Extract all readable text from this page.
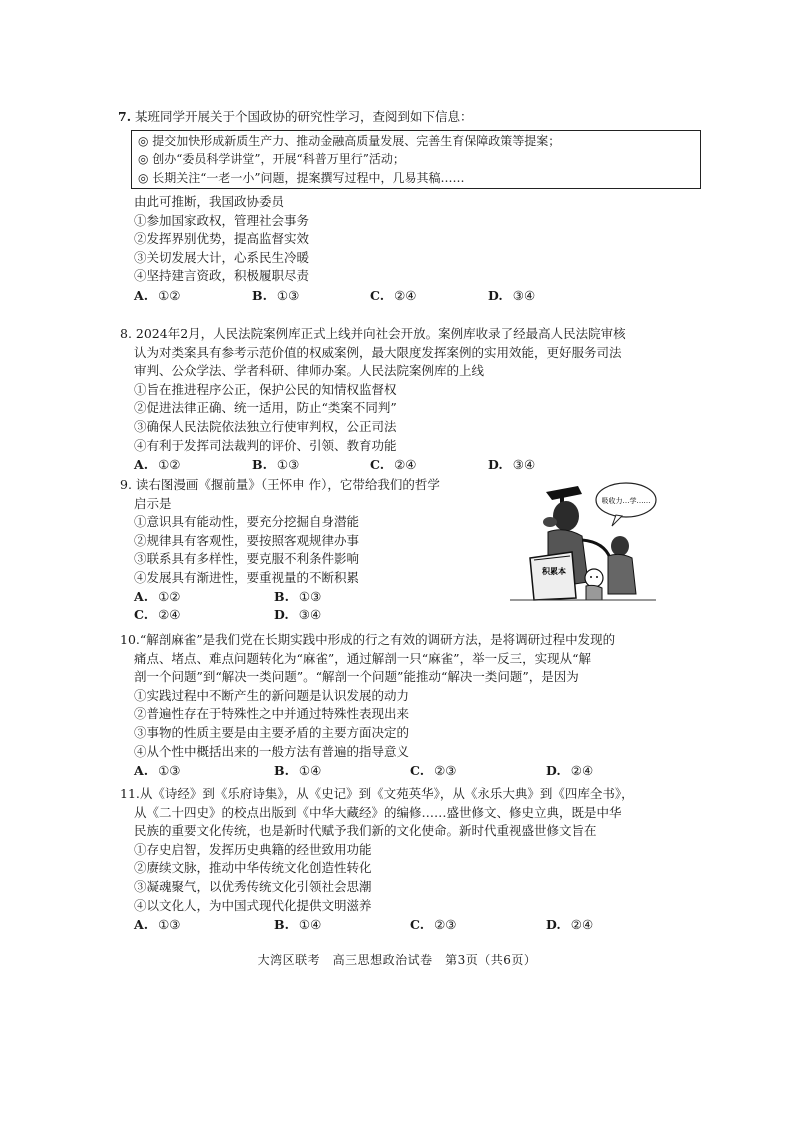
7. 某班同学开展关于个国政协的研究性学习，查阅到如下信息：
◎ 提交加快形成新质生产力、推动金融高质量发展、完善生育保障政策等提案；
◎ 创办“委员科学讲堂”，开展“科普万里行”活动；
◎ 长期关注“一老一小”问题，提案撰写过程中，几易其稿……
由此可推断，我国政协委员
①参加国家政权，管理社会事务
②发挥界别优势，提高监督实效
③关切发展大计，心系民生冷暖
④坚持建言资政，积极履职尽责
A. ①②	B. ①③	C. ②④	D. ③④
8. 2024年2月，人民法院案例库正式上线并向社会开放。案例库收录了经最高人民法院审核
认为对类案具有参考示范价值的权威案例，最大限度发挥案例的实用效能，更好服务司法
审判、公众学法、学者科研、律师办案。人民法院案例库的上线
①旨在推进程序公正，保护公民的知情权监督权
②促进法律正确、统一适用，防止“类案不同判”
③确保人民法院依法独立行使审判权，公正司法
④有利于发挥司法裁判的评价、引领、教育功能
A. ①②	B. ①③	C. ②④	D. ③④
9. 读右图漫画《揠前量》（王怀申 作），它带给我们的哲学
启示是
①意识具有能动性，要充分挖掘自身潜能
②规律具有客观性，要按照客观规律办事
③联系具有多样性，要克服不利条件影响
④发展具有渐进性，要重视量的不断积累
A. ①②	B. ①③
C. ②④	D. ③④
吸收力…学……
积累本
10.“解剖麻雀”是我们党在长期实践中形成的行之有效的调研方法，是将调研过程中发现的
痛点、堵点、难点问题转化为“麻雀”，通过解剖一只“麻雀”，举一反三，实现从“解
剖一个问题”到“解决一类问题”。“解剖一个问题”能推动“解决一类问题”，是因为
①实践过程中不断产生的新问题是认识发展的动力
②普遍性存在于特殊性之中并通过特殊性表现出来
③事物的性质主要是由主要矛盾的主要方面决定的
④从个性中概括出来的一般方法有普遍的指导意义
A. ①③	B. ①④	C. ②③	D. ②④
11.从《诗经》到《乐府诗集》，从《史记》到《文苑英华》，从《永乐大典》到《四库全书》，
从《二十四史》的校点出版到《中华大藏经》的编修……盛世修文、修史立典，既是中华
民族的重要文化传统，也是新时代赋予我们新的文化使命。新时代重视盛世修文旨在
①存史启智，发挥历史典籍的经世致用功能
②赓续文脉，推动中华传统文化创造性转化
③凝魂聚气，以优秀传统文化引领社会思潮
④以文化人，为中国式现代化提供文明滋养
A. ①③	B. ①④	C. ②③	D. ②④
大湾区联考　高三思想政治试卷　第3页（共6页）
